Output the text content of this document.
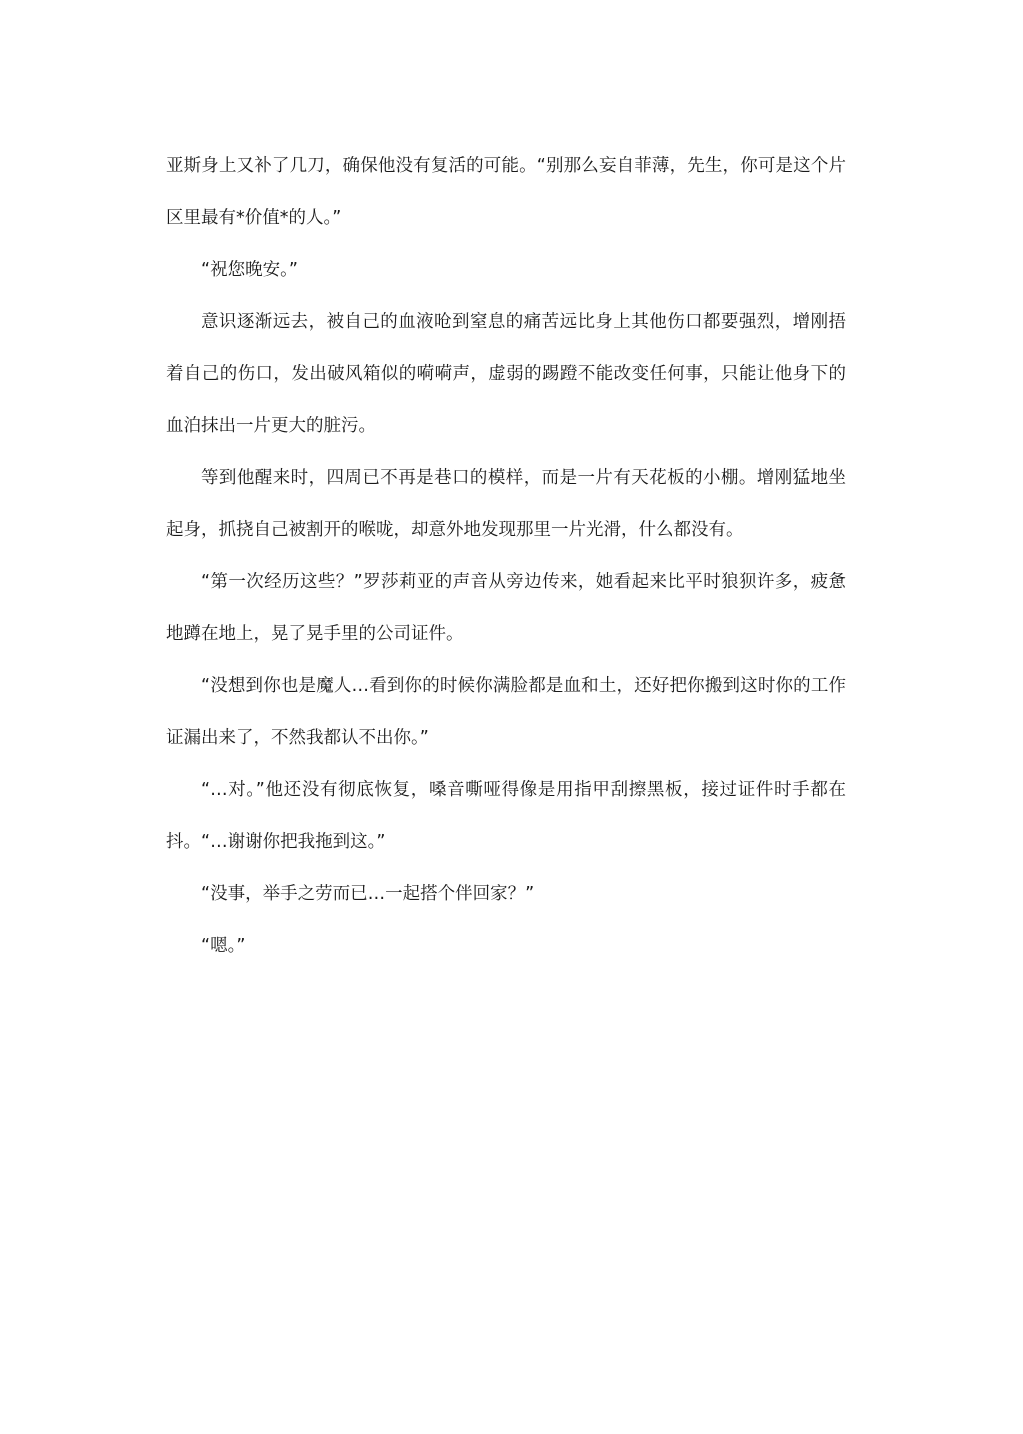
亚斯身上又补了几刀，确保他没有复活的可能。“别那么妄自菲薄，先生，你可是这个片区里最有*价值*的人。”

“祝您晚安。”

意识逐渐远去，被自己的血液呛到窒息的痛苦远比身上其他伤口都要强烈，增刚捂着自己的伤口，发出破风箱似的嗬嗬声，虚弱的踢蹬不能改变任何事，只能让他身下的血泊抹出一片更大的脏污。

等到他醒来时，四周已不再是巷口的模样，而是一片有天花板的小棚。增刚猛地坐起身，抓挠自己被割开的喉咙，却意外地发现那里一片光滑，什么都没有。

“第一次经历这些？”罗莎莉亚的声音从旁边传来，她看起来比平时狼狈许多，疲惫地蹲在地上，晃了晃手里的公司证件。

“没想到你也是魔人…看到你的时候你满脸都是血和土，还好把你搬到这时你的工作证漏出来了，不然我都认不出你。”

“…对。”他还没有彻底恢复，嗓音嘶哑得像是用指甲刮擦黑板，接过证件时手都在抖。“…谢谢你把我拖到这。”

“没事，举手之劳而已…一起搭个伴回家？”

“嗯。”
